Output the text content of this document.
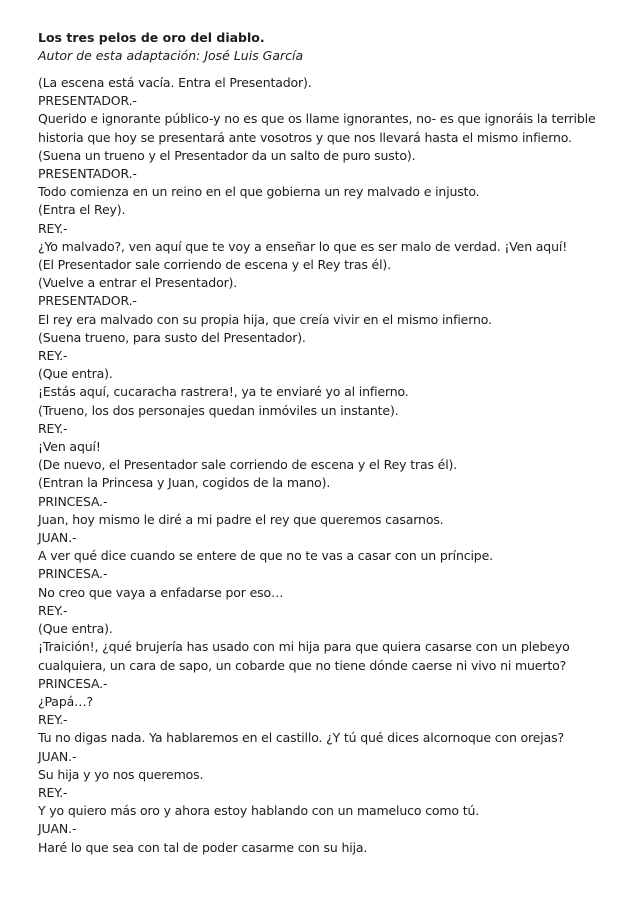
Los tres pelos de oro del diablo.

Autor de esta adaptación: José Luis García

(La escena está vacía. Entra el Presentador).
PRESENTADOR.-
Querido e ignorante público-y no es que os llame ignorantes, no- es que ignoráis la terrible
historia que hoy se presentará ante vosotros y que nos llevará hasta el mismo infierno.
(Suena un trueno y el Presentador da un salto de puro susto).
PRESENTADOR.-
Todo comienza en un reino en el que gobierna un rey malvado e injusto.
(Entra el Rey).
REY.-
¿Yo malvado?, ven aquí que te voy a enseñar lo que es ser malo de verdad. ¡Ven aquí!
(El Presentador sale corriendo de escena y el Rey tras él).
(Vuelve a entrar el Presentador).
PRESENTADOR.-
El rey era malvado con su propia hija, que creía vivir en el mismo infierno.
(Suena trueno, para susto del Presentador).
REY.-
(Que entra).
¡Estás aquí, cucaracha rastrera!, ya te enviaré yo al infierno.
(Trueno, los dos personajes quedan inmóviles un instante).
REY.-
¡Ven aquí!
(De nuevo, el Presentador sale corriendo de escena y el Rey tras él).
(Entran la Princesa y Juan, cogidos de la mano).
PRINCESA.-
Juan, hoy mismo le diré a mi padre el rey que queremos casarnos.
JUAN.-
A ver qué dice cuando se entere de que no te vas a casar con un príncipe.
PRINCESA.-
No creo que vaya a enfadarse por eso…
REY.-
(Que entra).
¡Traición!, ¿qué brujería has usado con mi hija para que quiera casarse con un plebeyo
cualquiera, un cara de sapo, un cobarde que no tiene dónde caerse ni vivo ni muerto?
PRINCESA.-
¿Papá…?
REY.-
Tu no digas nada. Ya hablaremos en el castillo. ¿Y tú qué dices alcornoque con orejas?
JUAN.-
Su hija y yo nos queremos.
REY.-
Y yo quiero más oro y ahora estoy hablando con un mameluco como tú.
JUAN.-
Haré lo que sea con tal de poder casarme con su hija.
